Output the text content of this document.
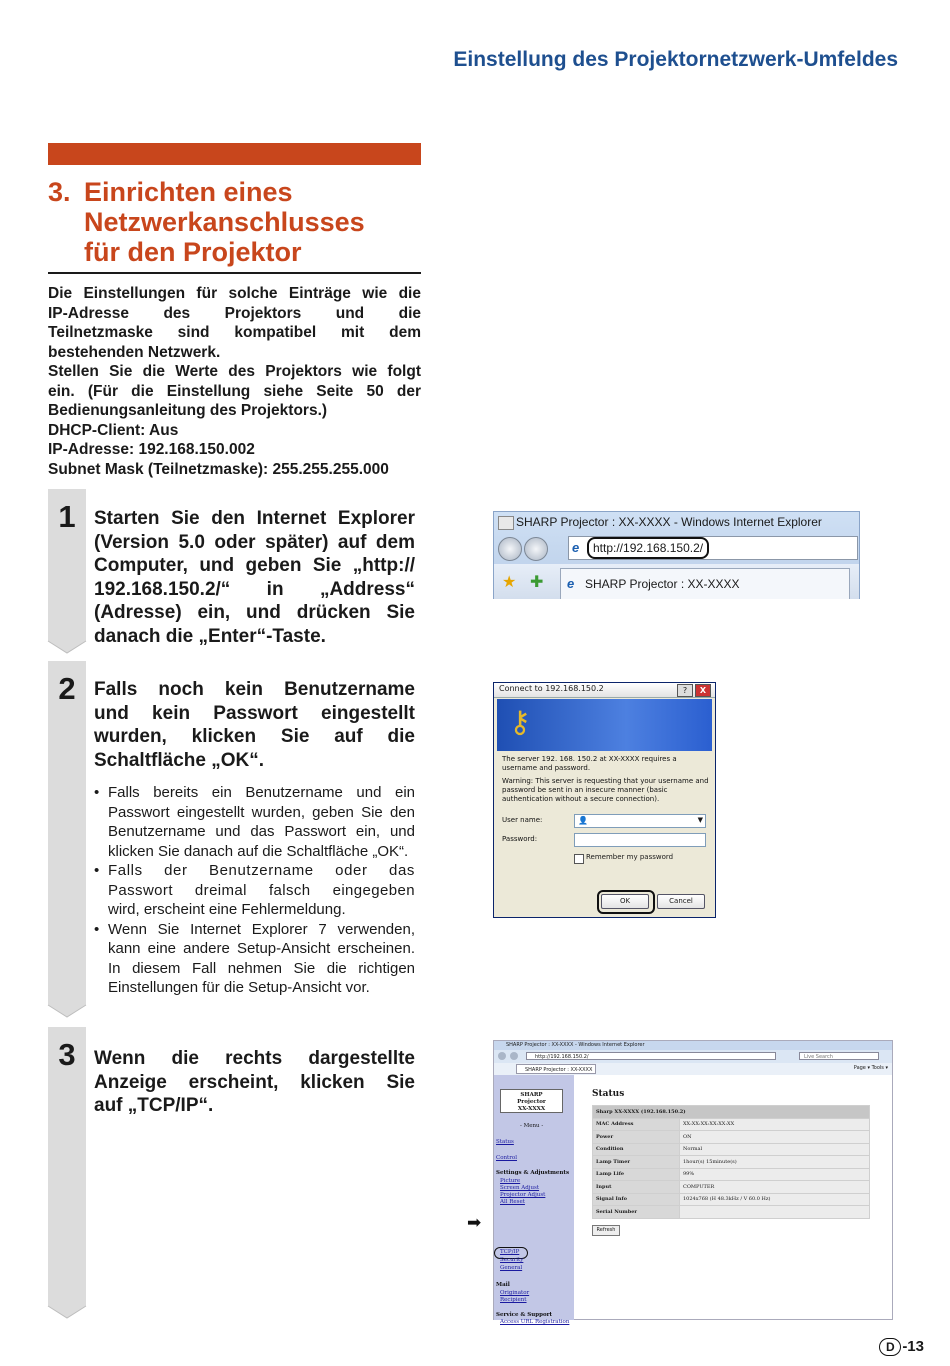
Einstellung des Projektornetzwerk-Umfeldes
3. Einrichten eines
Netzwerkanschlusses
für den Projektor
Die Einstellungen für solche Einträge wie die
IP-Adresse des Projektors und die
Teilnetzmaske sind kompatibel mit dem
bestehenden Netzwerk.
Stellen Sie die Werte des Projektors wie folgt
ein. (Für die Einstellung siehe Seite 50 der
Bedienungsanleitung des Projektors.)
DHCP-Client: Aus
IP-Adresse: 192.168.150.002
Subnet Mask (Teilnetzmaske): 255.255.255.000
1 Starten Sie den Internet Explorer
(Version 5.0 oder später) auf dem
Computer, und geben Sie „http://
192.168.150.2/“ in „Address“
(Adresse) ein, und drücken Sie
danach die „Enter“-Taste.
2 Falls noch kein Benutzername
und kein Passwort eingestellt
wurden, klicken Sie auf die
Schaltfläche „OK“.
• Falls bereits ein Benutzername und ein
Passwort eingestellt wurden, geben Sie den
Benutzername und das Passwort ein, und
klicken Sie danach auf die Schaltfläche „OK“.
• Falls der Benutzername oder das
Passwort dreimal falsch eingegeben
wird, erscheint eine Fehlermeldung.
• Wenn Sie Internet Explorer 7 verwenden,
kann eine andere Setup-Ansicht erscheinen.
In diesem Fall nehmen Sie die richtigen
Einstellungen für die Setup-Ansicht vor.
3 Wenn die rechts dargestellte
Anzeige erscheint, klicken Sie
auf „TCP/IP“.
SHARP Projector : XX-XXXX - Windows Internet Explorer
e	http://192.168.150.2/
★ ✚ e SHARP Projector : XX-XXXX
Connect to 192.168.150.2	?	X
⚷
The server 192. 168. 150.2 at XX-XXXX requires a username and password.
Warning: This server is requesting that your username and password be sent in an insecure manner (basic authentication without a secure connection).
User name:	👤	▼
Password:
Remember my password
OK	Cancel
SHARP Projector : XX-XXXX - Windows Internet Explorer
http://192.168.150.2/	Live Search
SHARP Projector : XX-XXXX	Page ▾ Tools ▾
SHARP
Projector
XX-XXXX
- Menu -
Status
Control
Settings & Adjustments
Picture
Screen Adjust
Projector Adjust
All Reset
TCP/IP
Security
General
Mail
Originator
Recipient
Service & Support
Access URL Registration
Status
Sharp XX-XXXX (192.168.150.2)	
MAC Address	XX:XX:XX:XX:XX:XX
Power	ON
Condition	Normal
Lamp Timer	1hour(s) 15minute(s)
Lamp Life	99%
Input	COMPUTER
Signal Info	1024x768 (H 48.3kHz / V 60.0 Hz)
Serial Number	
Refresh
➡
D -13
